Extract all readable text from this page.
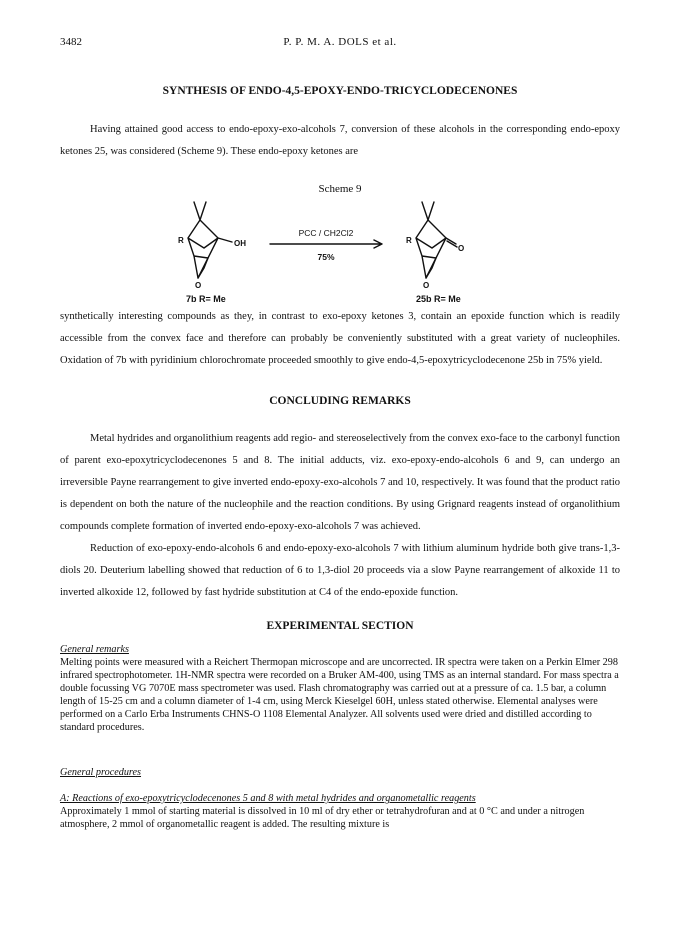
3482	P. P. M. A. DOLS et al.
SYNTHESIS OF ENDO-4,5-EPOXY-ENDO-TRICYCLODECENONES

Having attained good access to endo-epoxy-exo-alcohols 7, conversion of these alcohols in the corresponding endo-epoxy ketones 25, was considered (Scheme 9). These endo-epoxy ketones are

Scheme 9
R	OH
O
7b R= Me
R
O
O
25b R= Me
PCC / CH2Cl2
75%

synthetically interesting compounds as they, in contrast to exo-epoxy ketones 3, contain an epoxide function which is readily accessible from the convex face and therefore can probably be conveniently substituted with a great variety of nucleophiles. Oxidation of 7b with pyridinium chlorochromate proceeded smoothly to give endo-4,5-epoxytricyclodecenone 25b in 75% yield.

CONCLUDING REMARKS

Metal hydrides and organolithium reagents add regio- and stereoselectively from the convex exo-face to the carbonyl function of parent exo-epoxytricyclodecenones 5 and 8. The initial adducts, viz. exo-epoxy-endo-alcohols 6 and 9, can undergo an irreversible Payne rearrangement to give inverted endo-epoxy-exo-alcohols 7 and 10, respectively. It was found that the product ratio is dependent on both the nature of the nucleophile and the reaction conditions. By using Grignard reagents instead of organolithium compounds complete formation of inverted endo-epoxy-exo-alcohols 7 was achieved.

Reduction of exo-epoxy-endo-alcohols 6 and endo-epoxy-exo-alcohols 7 with lithium aluminum hydride both give trans-1,3-diols 20. Deuterium labelling showed that reduction of 6 to 1,3-diol 20 proceeds via a slow Payne rearrangement of alkoxide 11 to inverted alkoxide 12, followed by fast hydride substitution at C4 of the endo-epoxide function.

EXPERIMENTAL SECTION

General remarks

Melting points were measured with a Reichert Thermopan microscope and are uncorrected. IR spectra were taken on a Perkin Elmer 298 infrared spectrophotometer. 1H-NMR spectra were recorded on a Bruker AM-400, using TMS as an internal standard. For mass spectra a double focussing VG 7070E mass spectrometer was used. Flash chromatography was carried out at a pressure of ca. 1.5 bar, a column length of 15-25 cm and a column diameter of 1-4 cm, using Merck Kieselgel 60H, unless stated otherwise. Elemental analyses were performed on a Carlo Erba Instruments CHNS-O 1108 Elemental Analyzer. All solvents used were dried and distilled according to standard procedures.

General procedures

A: Reactions of exo-epoxytricyclodecenones 5 and 8 with metal hydrides and organometallic reagents

Approximately 1 mmol of starting material is dissolved in 10 ml of dry ether or tetrahydrofuran and at 0 °C and under a nitrogen atmosphere, 2 mmol of organometallic reagent is added. The resulting mixture is
